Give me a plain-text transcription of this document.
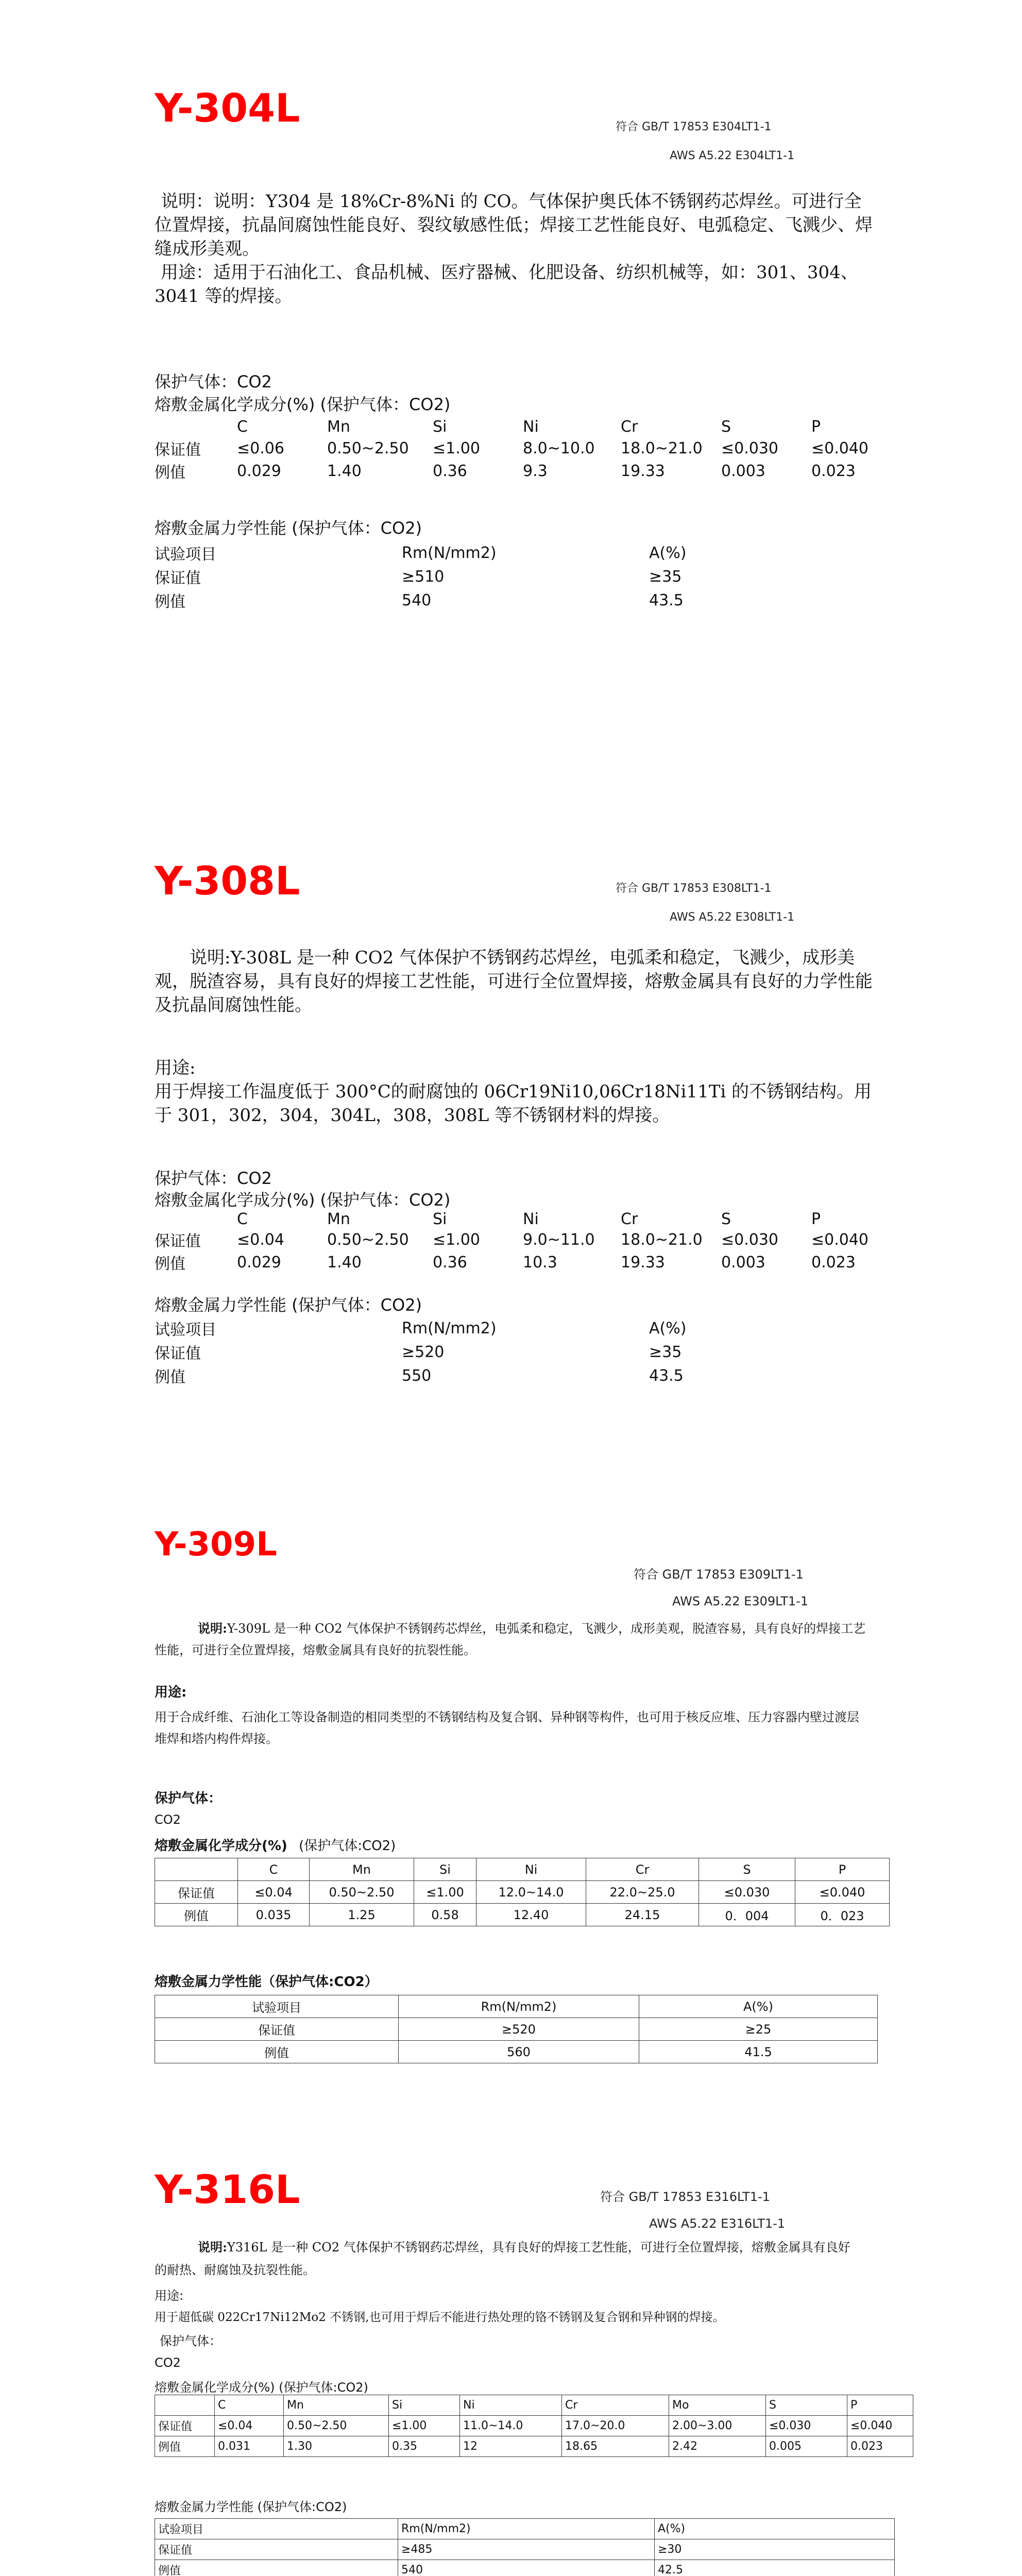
Y-304L	符合 GB/T 17853 E304LT1-1
AWS A5.22 E304LT1-1

说明：说明：Y304 是 18%Cr-8%Ni 的 CO。气体保护奥氏体不锈钢药芯焊丝。可进行全位置焊接，抗晶间腐蚀性能良好、裂纹敏感性低；焊接工艺性能良好、电弧稳定、飞溅少、焊缝成形美观。

用途：适用于石油化工、食品机械、医疗器械、化肥设备、纺织机械等，如：301、304、3041 等的焊接。

保护气体：CO2
熔敷金属化学成分(%) (保护气体：CO2)
	C	Mn	Si	Ni	Cr	S	P
保证值	≤0.06	0.50~2.50	≤1.00	8.0~10.0	18.0~21.0	≤0.030	≤0.040
例值	0.029	1.40	0.36	9.3	19.33	0.003	0.023
熔敷金属力学性能 (保护气体：CO2)
试验项目	Rm(N/mm2)	A(%)
保证值	≥510	≥35
例值	540	43.5
Y-308L	符合 GB/T 17853 E308LT1-1
AWS A5.22 E308LT1-1

说明:Y-308L 是一种 CO2 气体保护不锈钢药芯焊丝，电弧柔和稳定，飞溅少，成形美观，脱渣容易，具有良好的焊接工艺性能，可进行全位置焊接，熔敷金属具有良好的力学性能及抗晶间腐蚀性能。

用途:

用于焊接工作温度低于 300°C的耐腐蚀的 06Cr19Ni10,06Cr18Ni11Ti 的不锈钢结构。用于 301，302，304，304L，308，308L 等不锈钢材料的焊接。

保护气体：CO2
熔敷金属化学成分(%) (保护气体：CO2)
	C	Mn	Si	Ni	Cr	S	P
保证值	≤0.04	0.50~2.50	≤1.00	9.0~11.0	18.0~21.0	≤0.030	≤0.040
例值	0.029	1.40	0.36	10.3	19.33	0.003	0.023
熔敷金属力学性能 (保护气体：CO2)
试验项目	Rm(N/mm2)	A(%)
保证值	≥520	≥35
例值	550	43.5
Y-309L
符合 GB/T 17853 E309LT1-1
AWS A5.22 E309LT1-1

说明:Y-309L 是一种 CO2 气体保护不锈钢药芯焊丝，电弧柔和稳定，飞溅少，成形美观，脱渣容易，具有良好的焊接工艺性能，可进行全位置焊接，熔敷金属具有良好的抗裂性能。

用途:

用于合成纤维、石油化工等设备制造的相同类型的不锈钢结构及复合钢、异种钢等构件，也可用于核反应堆、压力容器内壁过渡层堆焊和塔内构件焊接。

保护气体：
CO2
熔敷金属化学成分(%) (保护气体:CO2)
	C	Mn	Si	Ni	Cr	S	P
保证值	≤0.04	0.50~2.50	≤1.00	12.0~14.0	22.0~25.0	≤0.030	≤0.040
例值	0.035	1.25	0.58	12.40	24.15	0．004	0．023
熔敷金属力学性能（保护气体:CO2）
试验项目	Rm(N/mm2)	A(%)
保证值	≥520	≥25
例值	560	41.5
Y-316L	符合 GB/T 17853 E316LT1-1
AWS A5.22 E316LT1-1

说明:Y316L 是一种 CO2 气体保护不锈钢药芯焊丝，具有良好的焊接工艺性能，可进行全位置焊接，熔敷金属具有良好的耐热、耐腐蚀及抗裂性能。

用途:

用于超低碳 022Cr17Ni12Mo2 不锈钢,也可用于焊后不能进行热处理的铬不锈钢及复合钢和异种钢的焊接。

保护气体：
CO2
熔敷金属化学成分(%) (保护气体:CO2)
	C	Mn	Si	Ni	Cr	Mo	S	P
保证值	≤0.04	0.50~2.50	≤1.00	11.0~14.0	17.0~20.0	2.00~3.00	≤0.030	≤0.040
例值	0.031	1.30	0.35	12	18.65	2.42	0.005	0.023
熔敷金属力学性能 (保护气体:CO2)
试验项目	Rm(N/mm2)	A(%)
保证值	≥485	≥30
例值	540	42.5
